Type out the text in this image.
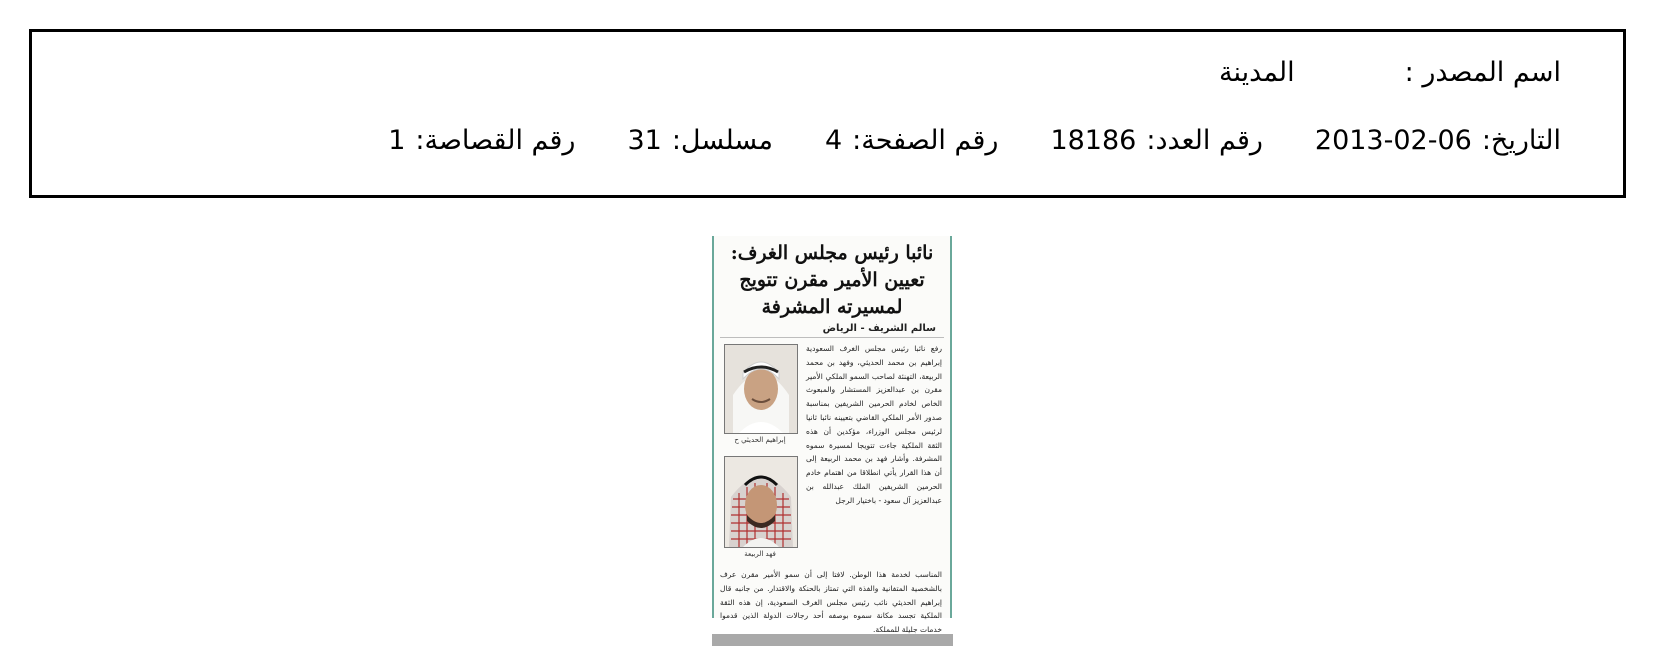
اسم المصدر :
المدينة
التاريخ:
2013-02-06
رقم العدد:
18186
رقم الصفحة:
4
مسلسل:
31
رقم القصاصة:
1
نائبا رئيس مجلس الغرف: تعيين الأمير مقرن تتويج لمسيرته المشرفة
سالم الشريف - الرياض
إبراهيم الحديثي ح
فهد الربيعة
رفع نائبا رئيس مجلس الغرف السعودية إبراهيم بن محمد الحديثي، وفهد بن محمد الربيعة، التهنئة لصاحب السمو الملكي الأمير مقرن بن عبدالعزيز المستشار والمبعوث الخاص لخادم الحرمين الشريفين بمناسبة صدور الأمر الملكي القاضي بتعيينه نائبا ثانيا لرئيس مجلس الوزراء، مؤكدين أن هذه الثقة الملكية جاءت تتويجا لمسيرة سموه المشرفة. وأشار فهد بن محمد الربيعة إلى أن هذا القرار يأتي انطلاقا من اهتمام خادم الحرمين الشريفين الملك عبدالله بن عبدالعزيز آل سعود - باختيار الرجل
المناسب لخدمة هذا الوطن. لافتا إلى أن سمو الأمير مقرن عرف بالشخصية المتفانية والفذة التي تمتاز بالحنكة والاقتدار. من جانبه قال إبراهيم الحديثي نائب رئيس مجلس الغرف السعودية، إن هذه الثقة الملكية تجسد مكانة سموه بوصفه أحد رجالات الدولة الذين قدموا خدمات جليلة للمملكة.
